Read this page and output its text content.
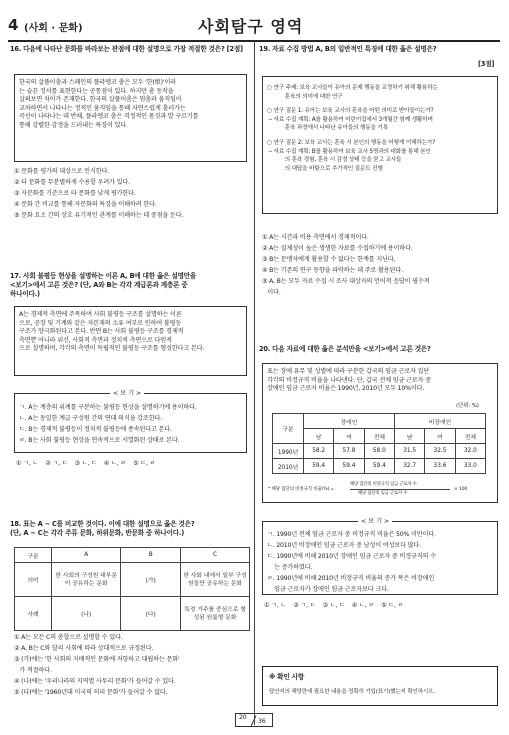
4 (사회 · 문화)	사회탐구 영역
16. 다음에 나타난 문화를 바라보는 관점에 대한 설명으로 가장 적절한 것은? [2점]
한국의 살풀이춤과 스페인의 플라멩코 춤은 모두 '한(恨)'이라
는 슬픈 정서를 표현한다는 공통점이 있다. 하지만 춤 동작을
살펴보면 차이가 존재한다. 한국의 살풀이춤은 멈춤과 움직임이
교차하면서 나타나는 정적인 움직임을 통해 자연스럽게 흘러가는
곡선이 나타나는 데 반해, 플라멩코 춤은 격정적인 몸짓과 발 구르기를
통해 강렬한 감정을 드러내는 특징이 있다.
① 문화를 평가의 대상으로 인식한다.
② 타 문화를 무분별하게 수용할 우려가 있다.
③ 자문화를 기준으로 타 문화를 낮게 평가한다.
④ 문화 간 비교를 통해 자문화의 특징을 이해하려 한다.
⑤ 문화 요소 간의 상호 유기적인 관계를 이해하는 데 중점을 둔다.
17. 사회 불평등 현상을 설명하는 이론 A, B에 대한 옳은 설명만을
<보기>에서 고른 것은? (단, A와 B는 각각 계급론과 계층론 중
하나이다.)
A는 경제적 측면에 주목하여 사회 불평등 구조를 설명하는 이론
으로, 공장 및 기계와 같은 자본재의 소유 여부로 인하여 불평등
구조가 양극화된다고 본다. 반면 B는 사회 불평등 구조를 경제적
측면뿐 아니라 위신, 사회적 측면과 정치적 측면으로 다원적
으로 설명하며, 각각의 측면이 독립적인 불평등 구조를 형성한다고 본다.
ㄱ. A는 계층의 위계를 구분하는 불평등 현상을 설명하기에 용이하다.
ㄴ. A는 동일한 계급 구성원 간의 연대 의식을 강조한다.
ㄷ. B는 경제적 불평등이 정치적 불평등에 종속된다고 본다.
ㄹ. B는 사회 불평등 현상을 연속적으로 서열화된 상태로 본다.
< 보 기 >
① ㄱ, ㄴ    ② ㄱ, ㄷ    ③ ㄴ, ㄷ    ④ ㄴ, ㄹ    ⑤ ㄷ, ㄹ
18. 표는 A ~ C를 비교한 것이다. 이에 대한 설명으로 옳은 것은?
(단, A ~ C는 각각 주류 문화, 하위문화, 반문화 중 하나이다.)
구분	A	B	C
의미	한 사회의 구성원 대부분이 공유하는 문화	(가)	한 사회 내에서 일부 구성원들만 공유하는 문화
사례	(나)	(다)	특정 거주를 중심으로 형성된 원룸형 문화
① A는 모든 C의 총합으로 설명할 수 있다.
② A, B는 C와 달리 사회에 따라 상대적으로 규정된다.
③ (가)에는 '한 사회의 지배적인 문화에 저항하고 대립하는 문화'
가 적절하다.
④ (나)에는 '우리나라의 지역별 사투리 문화'가 들어갈 수 있다.
⑤ (다)에는 '1960년대 미국의 히피 문화'가 들어갈 수 없다.
19. 자료 수집 방법 A, B의 일반적인 특징에 대한 옳은 설명은?
[3점]
○ 연구 주제: 보육 교사들이 유아의 문제 행동을 교정하기 위해 활용하는
훈육의 의미에 대한 연구
○ 연구 질문 1: 유아는 보육 교사의 훈육을 어떤 의미로 받아들이는가?
─ 자료 수집 계획: A를 활용하여 어린이집에서 3개월간 함께 생활하며
훈육 과정에서 나타난 유아들의 행동을 기록
○ 연구 질문 2: 보육 교사는 훈육 시 본인의 행동을 어떻게 이해하는가?
─ 자료 수집 계획: B를 활용하여 보육 교사 5명과의 대화를 통해 본인
의 훈육 경험, 훈육 시 감정 상태 등을 묻고 교사들
의 대답을 바탕으로 추가적인 질문도 진행
① A는 시간과 비용 측면에서 경제적이다.
② A는 실제성이 높은 생생한 자료를 수집하기에 용이하다.
③ B는 문맹자에게 활용할 수 없다는 한계를 지닌다.
④ B는 기존의 연구 동향을 파악하는 데 주로 활용된다.
⑤ A, B는 모두 자료 수집 시 조사 대상자의 언어적 응답이 필수적
이다.
20. 다음 자료에 대한 옳은 분석만을 <보기>에서 고른 것은?
표는 장애 유무 및 성별에 따라 구분한 갑국의 임금 근로자 집단
각각의 비정규직 비율을 나타낸다. 단, 갑국 전체 임금 근로자 중
장애인 임금 근로자 비율은 1990년, 2010년 모두 10%이다.
(단위: %)
구분	장애인			비장애인		
	남	여	전체	남	여	전체
1990년	58.2	57.8	58.0	31.5	32.5	32.0
2010년	59.4	59.4	59.4	32.7	33.6	33.0
* 해당 집단의 비정규직 비율(%) =
해당 집단의 비정규직 임금 근로자 수
해당 집단의 임금 근로자 수
× 100
ㄱ. 1990년 전체 임금 근로자 중 비정규직 비율은 50% 미만이다.
ㄴ. 2010년 비장애인 임금 근로자 중 남성이 여성보다 많다.
ㄷ. 1990년에 비해 2010년 장애인 임금 근로자 중 비정규직의 수
는 증가하였다.
ㄹ. 1990년에 비해 2010년 비정규직 비율의 증가 폭은 비장애인
임금 근로자가 장애인 임금 근로자보다 크다.
< 보 기 >
① ㄱ, ㄴ    ② ㄱ, ㄷ    ③ ㄴ, ㄷ    ④ ㄴ, ㄹ    ⑤ ㄷ, ㄹ
※ 확인 사항
답안지의 해당란에 필요한 내용을 정확히 기입(표기)했는지 확인하시오.
20
36
